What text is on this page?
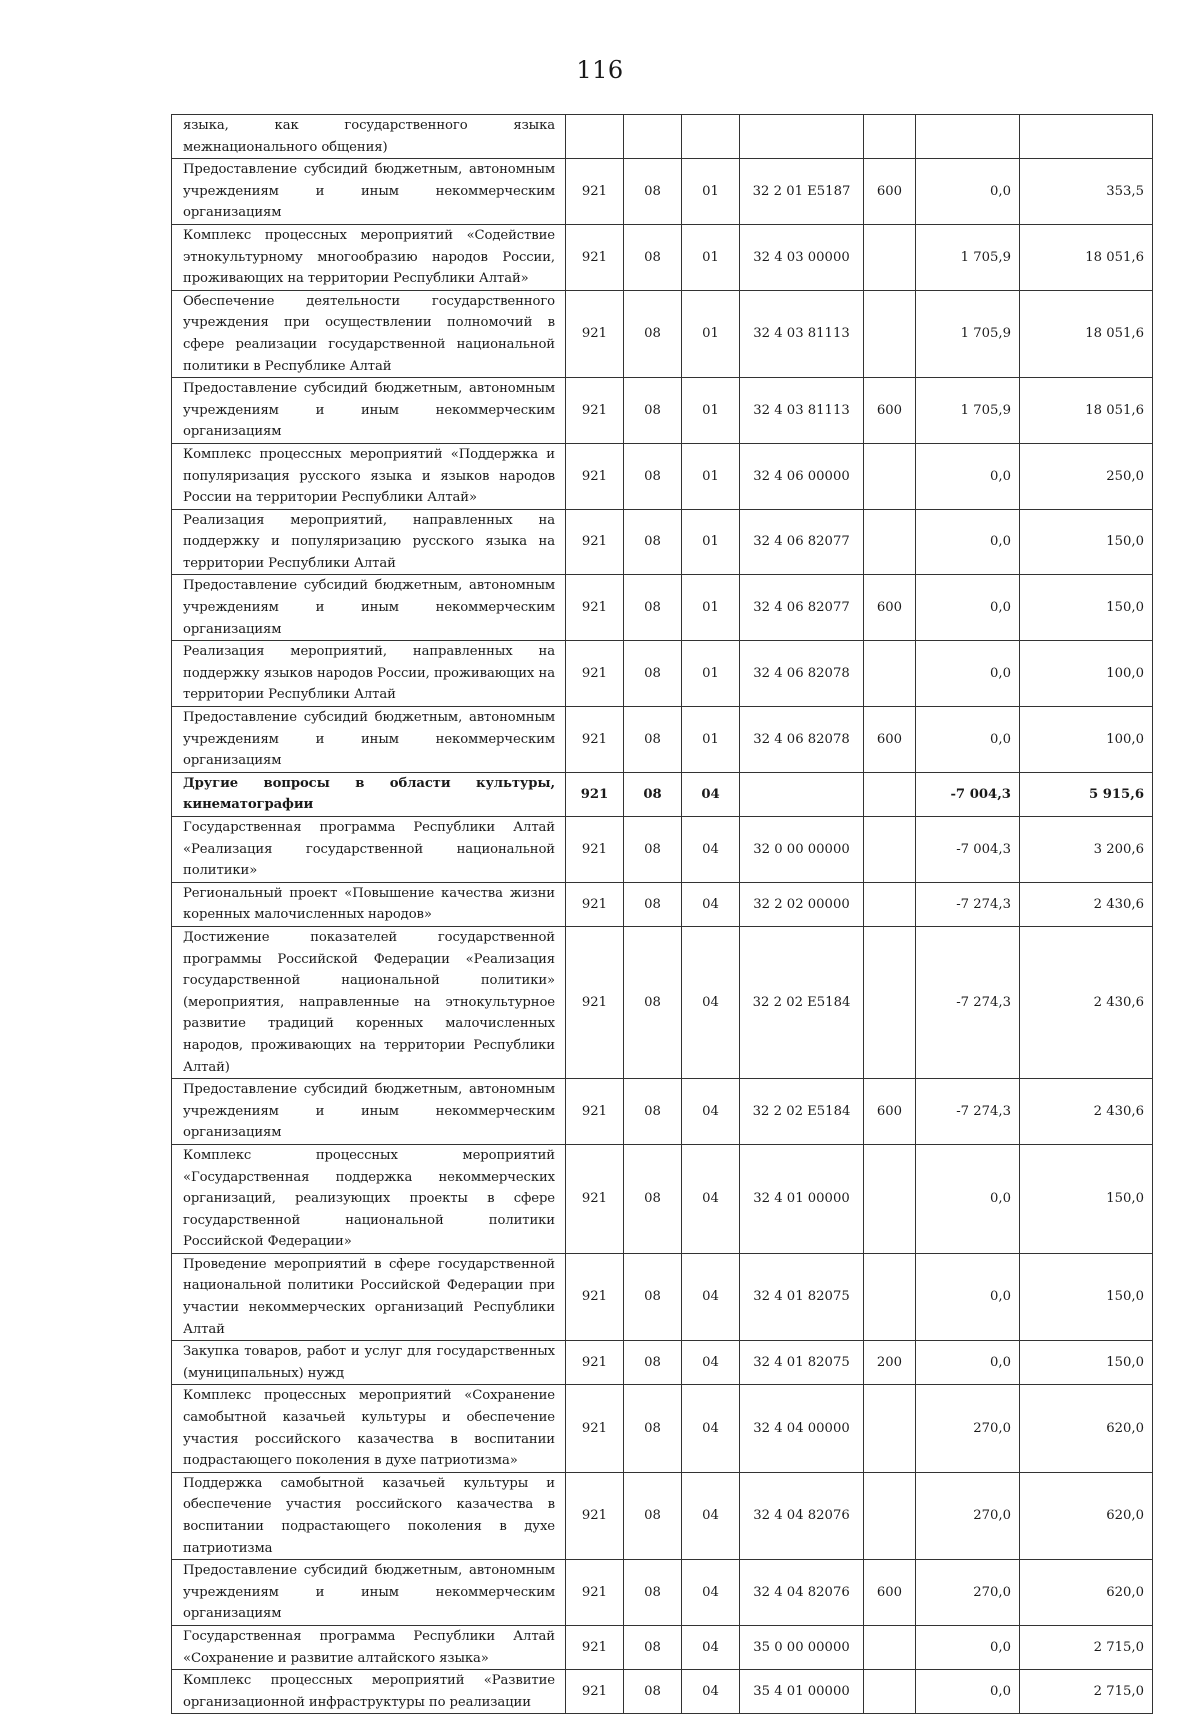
116
языка, как государственного языка межнационального общения)							
Предоставление субсидий бюджетным, автономным учреждениям и иным некоммерческим организациям	921	08	01	32 2 01 E5187	600	0,0	353,5
Комплекс процессных мероприятий «Содействие этнокультурному многообразию народов России, проживающих на территории Республики Алтай»	921	08	01	32 4 03 00000		1 705,9	18 051,6
Обеспечение деятельности государственного учреждения при осуществлении полномочий в сфере реализации государственной национальной политики в Республике Алтай	921	08	01	32 4 03 81113		1 705,9	18 051,6
Предоставление субсидий бюджетным, автономным учреждениям и иным некоммерческим организациям	921	08	01	32 4 03 81113	600	1 705,9	18 051,6
Комплекс процессных мероприятий «Поддержка и популяризация русского языка и языков народов России на территории Республики Алтай»	921	08	01	32 4 06 00000		0,0	250,0
Реализация мероприятий, направленных на поддержку и популяризацию русского языка на территории Республики Алтай	921	08	01	32 4 06 82077		0,0	150,0
Предоставление субсидий бюджетным, автономным учреждениям и иным некоммерческим организациям	921	08	01	32 4 06 82077	600	0,0	150,0
Реализация мероприятий, направленных на поддержку языков народов России, проживающих на территории Республики Алтай	921	08	01	32 4 06 82078		0,0	100,0
Предоставление субсидий бюджетным, автономным учреждениям и иным некоммерческим организациям	921	08	01	32 4 06 82078	600	0,0	100,0
Другие вопросы в области культуры, кинематографии	921	08	04			-7 004,3	5 915,6
Государственная программа Республики Алтай «Реализация государственной национальной политики»	921	08	04	32 0 00 00000		-7 004,3	3 200,6
Региональный проект «Повышение качества жизни коренных малочисленных народов»	921	08	04	32 2 02 00000		-7 274,3	2 430,6
Достижение показателей государственной программы Российской Федерации «Реализация государственной национальной политики» (мероприятия, направленные на этнокультурное развитие традиций коренных малочисленных народов, проживающих на территории Республики Алтай)	921	08	04	32 2 02 E5184		-7 274,3	2 430,6
Предоставление субсидий бюджетным, автономным учреждениям и иным некоммерческим организациям	921	08	04	32 2 02 E5184	600	-7 274,3	2 430,6
Комплекс процессных мероприятий «Государственная поддержка некоммерческих организаций, реализующих проекты в сфере государственной национальной политики Российской Федерации»	921	08	04	32 4 01 00000		0,0	150,0
Проведение мероприятий в сфере государственной национальной политики Российской Федерации при участии некоммерческих организаций Республики Алтай	921	08	04	32 4 01 82075		0,0	150,0
Закупка товаров, работ и услуг для государственных (муниципальных) нужд	921	08	04	32 4 01 82075	200	0,0	150,0
Комплекс процессных мероприятий «Сохранение самобытной казачьей культуры и обеспечение участия российского казачества в воспитании подрастающего поколения в духе патриотизма»	921	08	04	32 4 04 00000		270,0	620,0
Поддержка самобытной казачьей культуры и обеспечение участия российского казачества в воспитании подрастающего поколения в духе патриотизма	921	08	04	32 4 04 82076		270,0	620,0
Предоставление субсидий бюджетным, автономным учреждениям и иным некоммерческим организациям	921	08	04	32 4 04 82076	600	270,0	620,0
Государственная программа Республики Алтай «Сохранение и развитие алтайского языка»	921	08	04	35 0 00 00000		0,0	2 715,0
Комплекс процессных мероприятий «Развитие организационной инфраструктуры по реализации	921	08	04	35 4 01 00000		0,0	2 715,0
